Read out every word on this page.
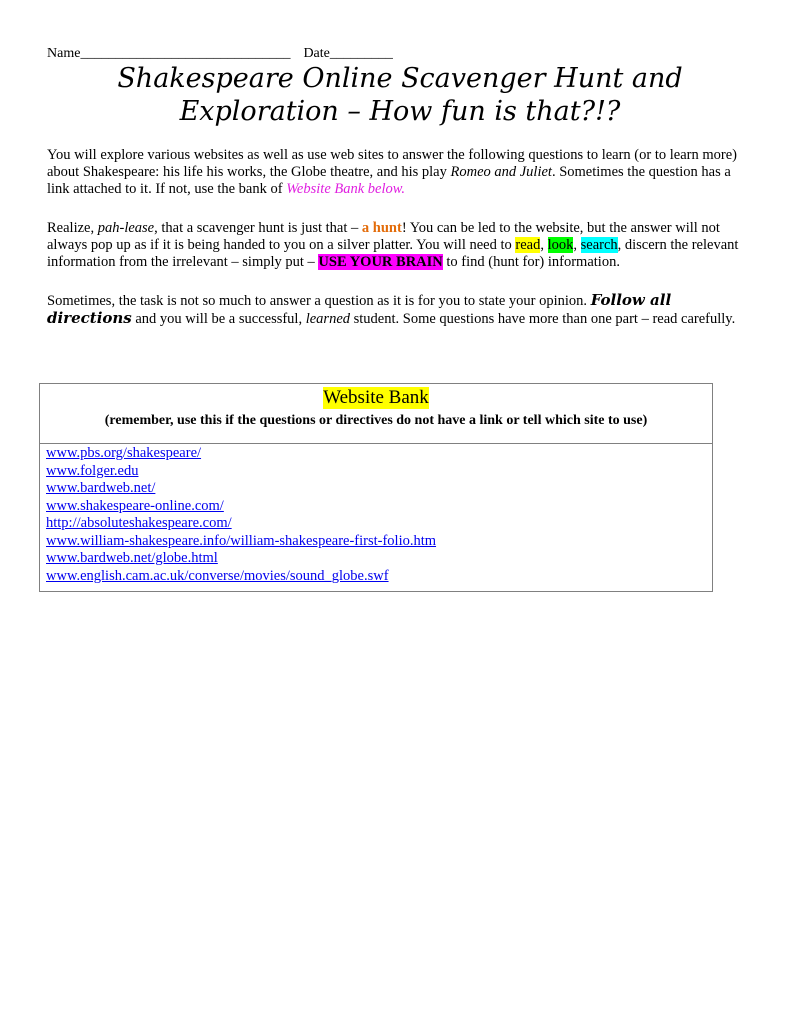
Name______________________________ Date_________
Shakespeare Online Scavenger Hunt and
Exploration – How fun is that?!?
You will explore various websites as well as use web sites to answer the following questions to learn (or to learn more) about Shakespeare: his life his works, the Globe theatre, and his play Romeo and Juliet. Sometimes the question has a link attached to it. If not, use the bank of Website Bank below.
Realize, pah-lease, that a scavenger hunt is just that – a hunt! You can be led to the website, but the answer will not always pop up as if it is being handed to you on a silver platter. You will need to read, look, search, discern the relevant information from the irrelevant – simply put – USE YOUR BRAIN to find (hunt for) information.
Sometimes, the task is not so much to answer a question as it is for you to state your opinion. Follow all directions and you will be a successful, learned student. Some questions have more than one part – read carefully.
Website Bank
(remember, use this if the questions or directives do not have a link or tell which site to use)
www.pbs.org/shakespeare/
www.folger.edu
www.bardweb.net/
www.shakespeare-online.com/
http://absoluteshakespeare.com/
www.william-shakespeare.info/william-shakespeare-first-folio.htm
www.bardweb.net/globe.html
www.english.cam.ac.uk/converse/movies/sound_globe.swf
